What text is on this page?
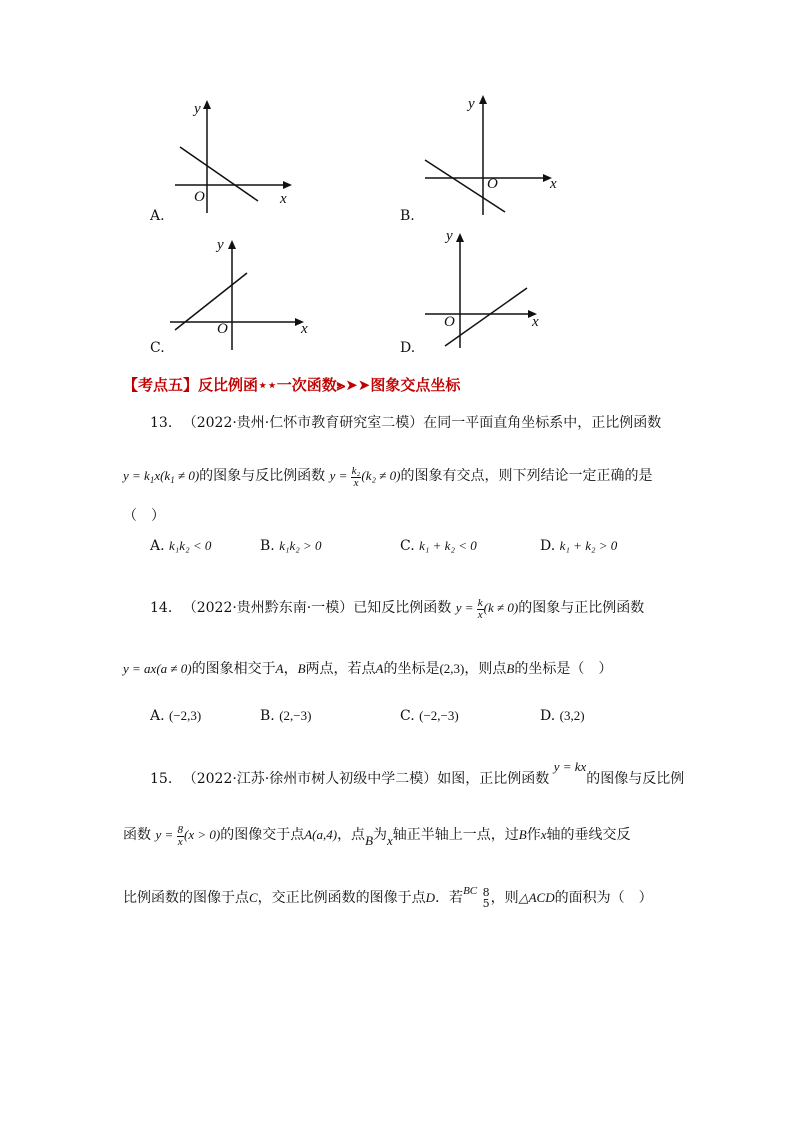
y
x
O
A.
y
x
O
B.
y
x
O
C.
y
x
O
D.
【考点五】反比例函⋆⋆一次函数⪢➤➤图象交点坐标
13. （2022·贵州·仁怀市教育研究室二模）在同一平面直角坐标系中，正比例函数
$y = k_1x(k_1 \ne 0)$的图象与反比例函数 $y = \frac{\text{k₂}}{x} (k_2 \ne 0)$的图象有交点，则下列结论一定正确的是
（　）
A. k₁k₂ < 0	B. k₁k₂ > 0	C. k₁ + k₂ < 0	D. k₁ + k₂ > 0
14. （2022·贵州黔东南·一模）已知反比例函数 $y = \frac{k}{x} (k \ne 0)$的图象与正比例函数
y = ax(a ≠ 0)的图象相交于A，B两点，若点A的坐标是(2,3)，则点B的坐标是（　）
A. (−2,3)	B. (2,−3)	C. (−2,−3)	D. (3,2)
15. （2022·江苏·徐州市树人初级中学二模）如图，正比例函数 y = kx的图像与反比例
函数 $y = \frac{8}{x} (x > 0)$的图像交于点A(a,4)，点B为x轴正半轴上一点，过B作x轴的垂线交反
比例函数的图像于点C，交正比例函数的图像于点D．若$^{BC}$ 8
5 ，则△ACD的面积为（　）
